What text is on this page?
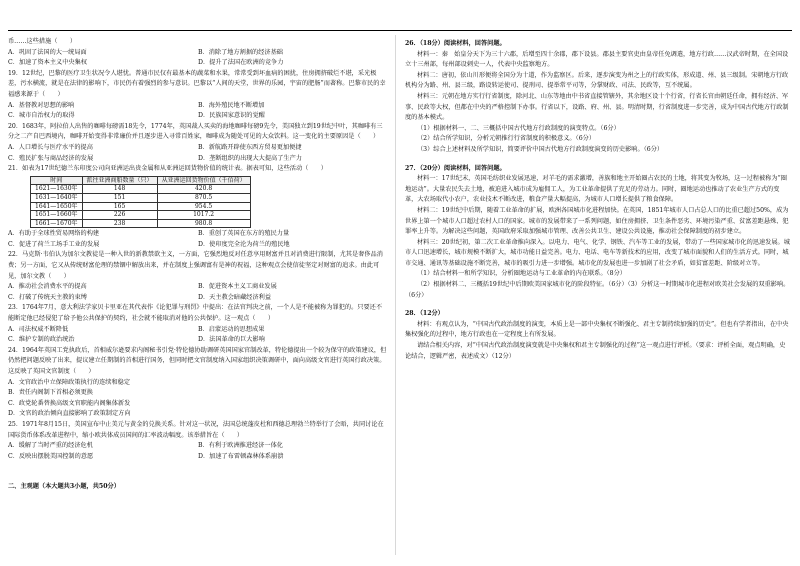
币……这些措施（　　）

A．巩固了法国的大一统局面	B．消除了地方割据的经济基础
C．加速了资本主义中央集权	D．提升了法国在欧洲的竞争力

19．12世纪，巴黎的医疗卫生状况令人堪忧。普通市民仅有最基本的蔬菜和水果，常常受到坏血病的困扰，住房拥挤破烂不堪，采光极差，污水横流，就是在法律的影响下，市民仍有着强烈的参与意识。巴黎以“人间的天堂，世界的乐园，宇宙的肥肠”而著称。巴黎市民的幸福感来源于（　　）

A．基督教对思想的影响	B．海外殖民地不断增加
C．城市自治权力的取得	D．民族国家意识的觉醒

20．1683年，阿拉伯人出售的咖啡每磅需18先令，1774年，英国裁人买卖的海地咖啡每磅9先令，美国独立到19世纪中叶，其咖啡有三分之二产自巴西境内，咖啡开始变得非常廉价并且逐步进入寻常百姓家，咖啡成为随处可见的大众饮料。这一变化的主要原因是（　　）

A．人口增长与医疗水平的提高	B．新航路开辟使东西方贸易更加便捷
C．殖民扩张与商品经济的发展	D．垄断组织的出现大大提高了生产力

21．如表为17世纪德兰东印度公司向亚洲运出贵金属和从亚洲运回货物价值的统计表。据表可知，这些活动（　　）

时间	派往亚洲商船数量（只）	从亚洲运回货物价值（千佰荷）
1621—1630年	148	420.8
1631—1640年	151	870.5
1641—1650年	165	954.5
1651—1660年	226	1017.2
1661—1670年	238	980.8
A．有助于全球性贸易网络的构建	B．重创了英国在东方的殖民力量
C．促进了荷兰工场手工业的发展	D．使印度完全沦为荷兰的殖民地

22．马克斯·韦伯认为加尔文教徒是一种入世的新教禁欲主义，一方面，它强烈地反对任意享用财富并且对消费进行限制，尤其是奢侈品消费；另一方面，它又从传统财富伦理的禁锢中解放出来，并在制度上强调富有是神的祝福，这种观点会使信徒坚定对财富的追求。由此可见，加尔文教（　　）

A．推动社会消费水平的提高	B．促进资本主义工商业发展
C．打破了传统天主教的束缚	D．天主教会暗藏经济利益

23．1764年7月，意大利法学家贝卡里亚在其代表作《论犯罪与刑罚》中提出：在法官判决之前，一个人是不能被称为罪犯的。只要还不能断定他已经侵犯了给予他公共保护的契约，社会就不能取消对他的公共保护。这一观点（　　）

A．司法权威不断降低	B．启蒙运动的思想成果
C．维护专制的政治统治	D．法国革命的巨大影响

24．1964年英国工党执政后，首相威尔逊要求内阁秘书引党·特伦德协助调研英国国家官制改革，特伦德提出一个较为保守的政策建议，但仍然把问题反映了出来，提议建立任期制的首相进行国务，但同时把文官制度纳入国家组织决策调研中，面向高级文官进行英国行政决策。这反映了英国文官制度（　　）

A．文官政治中立保障政策执行的连续和稳定

B．责任内阁制下首相必须更换

C．政党轮番替换高级文官职能内阁集体新发

D．文官的政治倾向直接影响了政策制定方向

25．1971年8月15日，美国宣布中止美元与黄金的兑换关系。针对这一状况，法国总统蓬皮杜和西德总理勃兰特举行了会晤，共同讨论在国际货币体系改革进程中，缩小欧共体成员国间的汇率波动幅度。该举措旨在（　　）

A．缓解了当时严重的经济危机	B．有利于欧洲推进经济一体化
C．反映出摆脱美国控制的意愿	D．加速了布雷顿森林体系崩溃

二、主观题（本大题共3小题，共50分）

26．（18分）阅读材料，回答问题。

材料一：秦　始皇分天下为三十六郡，后增至四十余郡，郡下设县。郡县主要官吏由皇帝任免调遣，地方行政……汉武帝时期，在全国设立十三州部，每州部设刺史一人，代表中央监察地方。

材料二：唐初，依山川形便将全国分为十道，作为监察区。后来，逐步演变为州之上的行政实体，形成道、州、县三级制。宋朝地方行政机构分为路、州、县三级，路设转运使司、提刑司、提举常平司等，分掌财政、司法、民政等，互不统属。

材料三：元朝在地方实行行省制度，除河北、山东等地由中书省直接管辖外，其余地区设十个行省，行省长官由朝廷任命，拥有经济、军事、民政等大权，但都在中央的严格控制下办事。行省以下，设路、府、州、县。明清时期，行省制度进一步完善，成为中国古代地方行政制度的基本模式。

（1）根据材料一、二、三概括中国古代地方行政制度的演变特点。（6分）

（2）结合所学知识，分析元朝推行行省制度的积极意义。（6分）

（3）综合上述材料及所学知识，简要评价中国古代地方行政制度演变的历史影响。（6分）

27．（20分）阅读材料，回答问题。

材料一：17世纪末，英国毛纺织业发展迅速，对羊毛的需求激增，善族和地主开始圈占农民的土地，将其变为牧场，这一过程被称为“圈地运动”。大量农民失去土地，被迫进入城市成为雇佣工人，为工业革命提供了充足的劳动力。同时，圈地运动也推动了农业生产方式的变革，大农场取代小农户，农业技术不断改进，粮食产量大幅提高，为城市人口增长提供了粮食保障。

材料二：19世纪中后期，随着工业革命的扩展，欧洲各国城市化进程加快。在英国，1851年城市人口占总人口的比重已超过50%，成为世界上第一个城市人口超过农村人口的国家。城市的发展带来了一系列问题，如住房拥挤、卫生条件恶劣、环境污染严重、贫富差距悬殊、犯罪率上升等。为解决这些问题，英国政府采取加强城市管理、改善公共卫生、建设公共设施，推动社会保障制度的初步建立。

材料三：20世纪初，第二次工业革命推向深入。以电力、电气、化学、钢铁、汽车等工业的发展，带动了一些国家城市化的迅速发展。城市人口迅速增长，城市规模不断扩大，城市功能日益完善。电力、电话、电车等新技术的应用，改变了城市面貌和人们的生活方式。同时，城市交通、通讯等基础设施不断完善，城市的吸引力进一步增强。城市化的发展也进一步加剧了社会矛盾，如贫富差距、阶级对立等。

（1）结合材料一和所学知识，分析圈地运动与工业革命的内在联系。（8分）

（2）根据材料二、三概括19世纪中后期欧美国家城市化的阶段特征。（6分）（3）分析这一时期城市化进程对欧美社会发展的双重影响。（6分）

28．（12分）

材料：有观点认为，“中国古代政治制度的演变，本质上是一部中央集权不断强化、君主专制持续加强的历史”。但也有学者指出，在中央集权强化的过程中，地方行政也在一定程度上有所发展。

请结合相关内容，对“中国古代政治制度演变就是中央集权和君主专制强化的过程”这一观点进行评析。（要求：评析全面，观点明确，史论结合，逻辑严密，表述成文）（12分）
